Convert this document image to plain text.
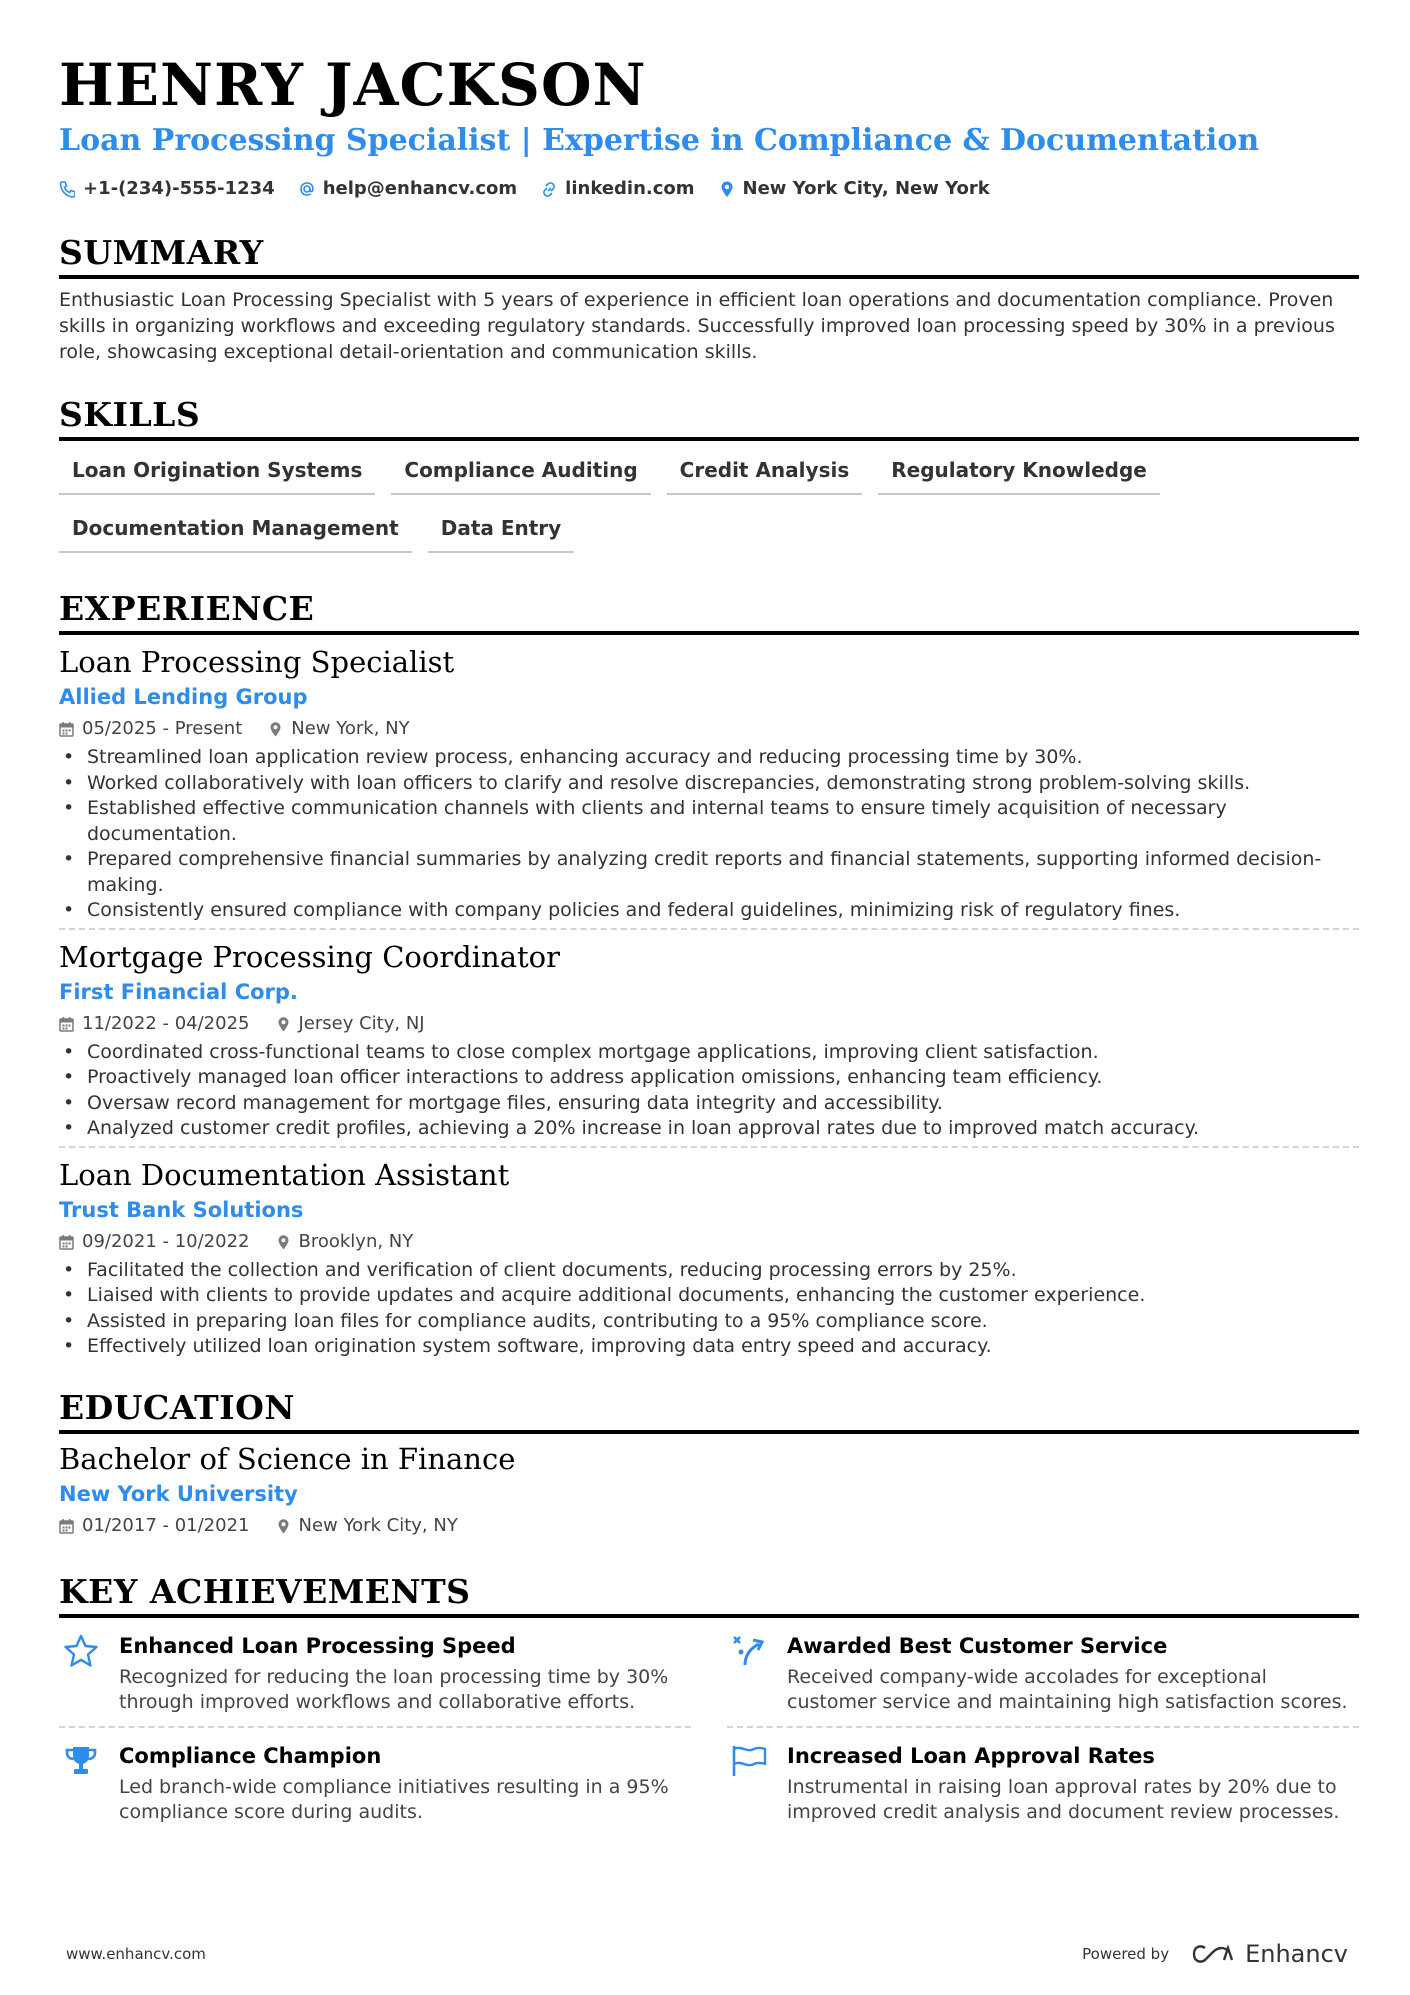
HENRY JACKSON
Loan Processing Specialist | Expertise in Compliance & Documentation
+1-(234)-555-1234	help@enhancv.com	linkedin.com	New York City, New York
SUMMARY

Enthusiastic Loan Processing Specialist with 5 years of experience in efficient loan operations and documentation compliance. Proven skills in organizing workflows and exceeding regulatory standards. Successfully improved loan processing speed by 30% in a previous role, showcasing exceptional detail-orientation and communication skills.

SKILLS
Loan Origination Systems	Compliance Auditing	Credit Analysis	Regulatory Knowledge
Documentation Management	Data Entry
EXPERIENCE
Loan Processing Specialist
Allied Lending Group
05/2025 - Present	New York, NY
• Streamlined loan application review process, enhancing accuracy and reducing processing time by 30%.
• Worked collaboratively with loan officers to clarify and resolve discrepancies, demonstrating strong problem-solving skills.
• Established effective communication channels with clients and internal teams to ensure timely acquisition of necessary documentation.
• Prepared comprehensive financial summaries by analyzing credit reports and financial statements, supporting informed decision-making.
• Consistently ensured compliance with company policies and federal guidelines, minimizing risk of regulatory fines.
Mortgage Processing Coordinator
First Financial Corp.
11/2022 - 04/2025	Jersey City, NJ
• Coordinated cross-functional teams to close complex mortgage applications, improving client satisfaction.
• Proactively managed loan officer interactions to address application omissions, enhancing team efficiency.
• Oversaw record management for mortgage files, ensuring data integrity and accessibility.
• Analyzed customer credit profiles, achieving a 20% increase in loan approval rates due to improved match accuracy.
Loan Documentation Assistant
Trust Bank Solutions
09/2021 - 10/2022	Brooklyn, NY
• Facilitated the collection and verification of client documents, reducing processing errors by 25%.
• Liaised with clients to provide updates and acquire additional documents, enhancing the customer experience.
• Assisted in preparing loan files for compliance audits, contributing to a 95% compliance score.
• Effectively utilized loan origination system software, improving data entry speed and accuracy.
EDUCATION
Bachelor of Science in Finance
New York University
01/2017 - 01/2021	New York City, NY
KEY ACHIEVEMENTS
Enhanced Loan Processing Speed
Recognized for reducing the loan processing time by 30% through improved workflows and collaborative efforts.
Awarded Best Customer Service
Received company-wide accolades for exceptional customer service and maintaining high satisfaction scores.
Compliance Champion
Led branch-wide compliance initiatives resulting in a 95% compliance score during audits.
Increased Loan Approval Rates
Instrumental in raising loan approval rates by 20% due to improved credit analysis and document review processes.
www.enhancv.com	Powered by	Enhancv
